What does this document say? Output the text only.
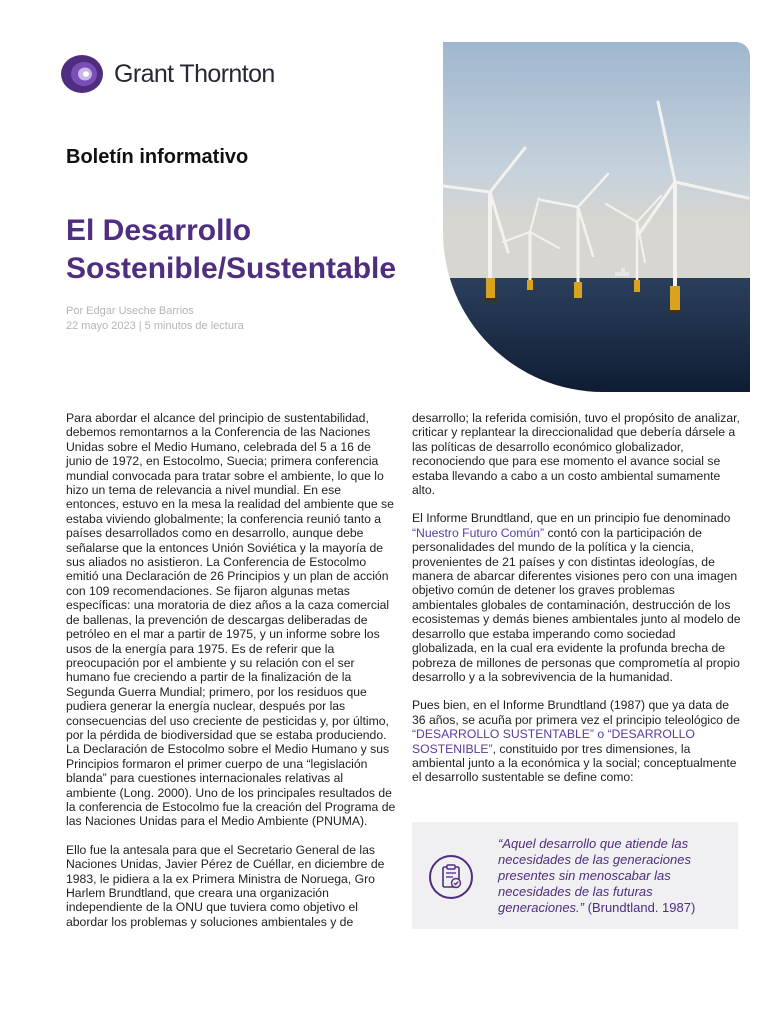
Grant Thornton
Boletín informativo
El Desarrollo
Sostenible/Sustentable
Por Edgar Useche Barrios
22 mayo 2023 | 5 minutos de lectura

Para abordar el alcance del principio de sustentabilidad, debemos remontarnos a la Conferencia de las Naciones Unidas sobre el Medio Humano, celebrada del 5 a 16 de junio de 1972, en Estocolmo, Suecia; primera conferencia mundial convocada para tratar sobre el ambiente, lo que lo hizo un tema de relevancia a nivel mundial. En ese entonces, estuvo en la mesa la realidad del ambiente que se estaba viviendo globalmente; la conferencia reunió tanto a países desarrollados como en desarrollo, aunque debe señalarse que la entonces Unión Soviética y la mayoría de sus aliados no asistieron. La Conferencia de Estocolmo emitió una Declaración de 26 Principios y un plan de acción con 109 recomendaciones. Se fijaron algunas metas específicas: una moratoria de diez años a la caza comercial de ballenas, la prevención de descargas deliberadas de petróleo en el mar a partir de 1975, y un informe sobre los usos de la energía para 1975. Es de referir que la preocupación por el ambiente y su relación con el ser humano fue creciendo a partir de la finalización de la Segunda Guerra Mundial; primero, por los residuos que pudiera generar la energía nuclear, después por las consecuencias del uso creciente de pesticidas y, por último, por la pérdida de biodiversidad que se estaba produciendo. La Declaración de Estocolmo sobre el Medio Humano y sus Principios formaron el primer cuerpo de una “legislación blanda” para cuestiones internacionales relativas al ambiente (Long. 2000). Uno de los principales resultados de la conferencia de Estocolmo fue la creación del Programa de las Naciones Unidas para el Medio Ambiente (PNUMA).

Ello fue la antesala para que el Secretario General de las Naciones Unidas, Javier Pérez de Cuéllar, en diciembre de 1983, le pidiera a la ex Primera Ministra de Noruega, Gro Harlem Brundtland, que creara una organización independiente de la ONU que tuviera como objetivo el abordar los problemas y soluciones ambientales y de

desarrollo; la referida comisión, tuvo el propósito de analizar, criticar y replantear la direccionalidad que debería dársele a las políticas de desarrollo económico globalizador, reconociendo que para ese momento el avance social se estaba llevando a cabo a un costo ambiental sumamente alto.

El Informe Brundtland, que en un principio fue denominado “Nuestro Futuro Común” contó con la participación de personalidades del mundo de la política y la ciencia, provenientes de 21 países y con distintas ideologías, de manera de abarcar diferentes visiones pero con una imagen objetivo común de detener los graves problemas ambientales globales de contaminación, destrucción de los ecosistemas y demás bienes ambientales junto al modelo de desarrollo que estaba imperando como sociedad globalizada, en la cual era evidente la profunda brecha de pobreza de millones de personas que comprometía al propio desarrollo y a la sobrevivencia de la humanidad.

Pues bien, en el Informe Brundtland (1987) que ya data de 36 años, se acuña por primera vez el principio teleológico de “DESARROLLO SUSTENTABLE” o “DESARROLLO SOSTENIBLE”, constituido por tres dimensiones, la ambiental junto a la económica y la social; conceptualmente el desarrollo sustentable se define como:

“Aquel desarrollo que atiende las necesidades de las generaciones presentes sin menoscabar las necesidades de las futuras generaciones.” (Brundtland. 1987)
